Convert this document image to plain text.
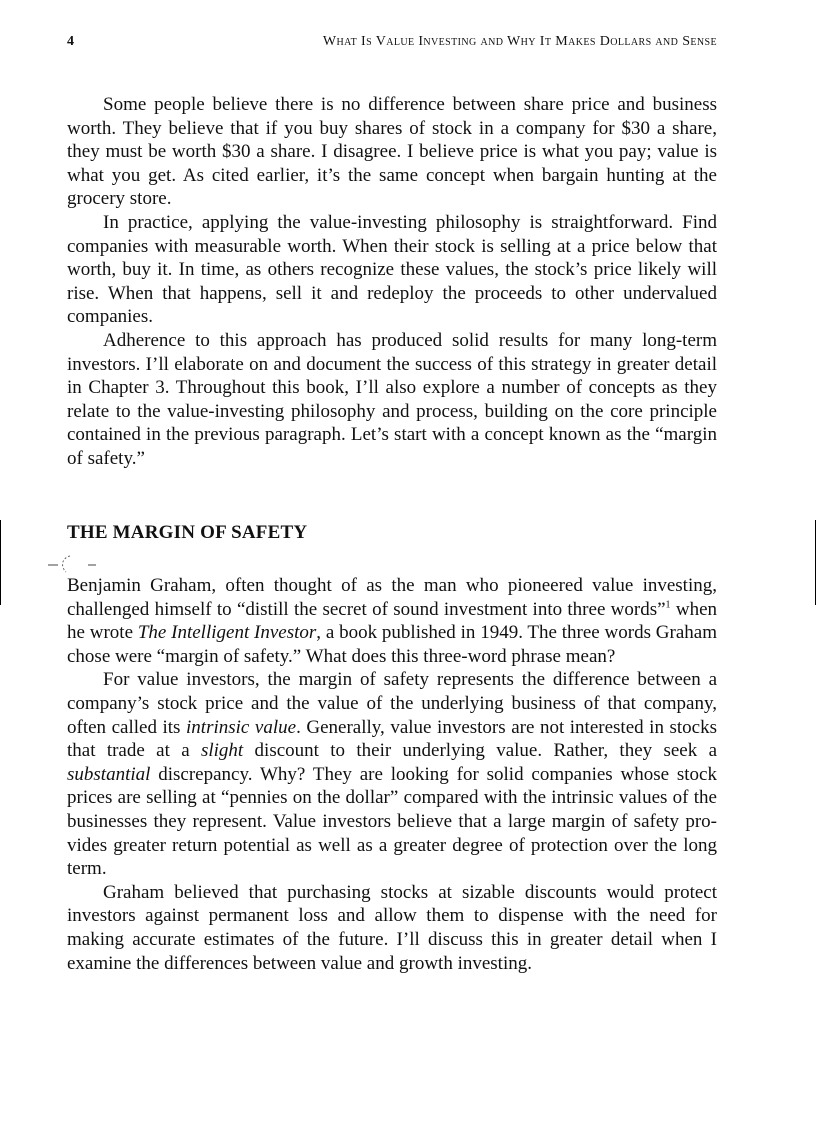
4	What Is Value Investing and Why It Makes Dollars and Sense

Some people believe there is no difference between share price and business worth. They believe that if you buy shares of stock in a company for $30 a share, they must be worth $30 a share. I disagree. I believe price is what you pay; value is what you get. As cited earlier, it’s the same concept when bargain hunting at the grocery store.

In practice, applying the value-investing philosophy is straightforward. Find companies with measurable worth. When their stock is selling at a price below that worth, buy it. In time, as others recognize these values, the stock’s price likely will rise. When that happens, sell it and redeploy the proceeds to other undervalued companies.

Adherence to this approach has produced solid results for many long-term investors. I’ll elaborate on and document the success of this strategy in greater detail in Chapter 3. Throughout this book, I’ll also explore a number of concepts as they relate to the value-investing philosophy and process, building on the core principle contained in the previous paragraph. Let’s start with a concept known as the “margin of safety.”

THE MARGIN OF SAFETY

Benjamin Graham, often thought of as the man who pioneered value investing, challenged himself to “distill the secret of sound investment into three words”$^1$ when he wrote The Intelligent Investor, a book published in 1949. The three words Graham chose were “margin of safety.” What does this three-word phrase mean?

For value investors, the margin of safety represents the difference between a company’s stock price and the value of the underlying business of that company, often called its intrinsic value. Generally, value investors are not interested in stocks that trade at a slight discount to their underlying value. Rather, they seek a substantial discrepancy. Why? They are looking for solid companies whose stock prices are selling at “pennies on the dollar” compared with the intrinsic values of the businesses they represent. Value investors believe that a large margin of safety provides greater return potential as well as a greater degree of protection over the long term.

Graham believed that purchasing stocks at sizable discounts would protect investors against permanent loss and allow them to dispense with the need for making accurate estimates of the future. I’ll discuss this in greater detail when I examine the differences between value and growth investing.
